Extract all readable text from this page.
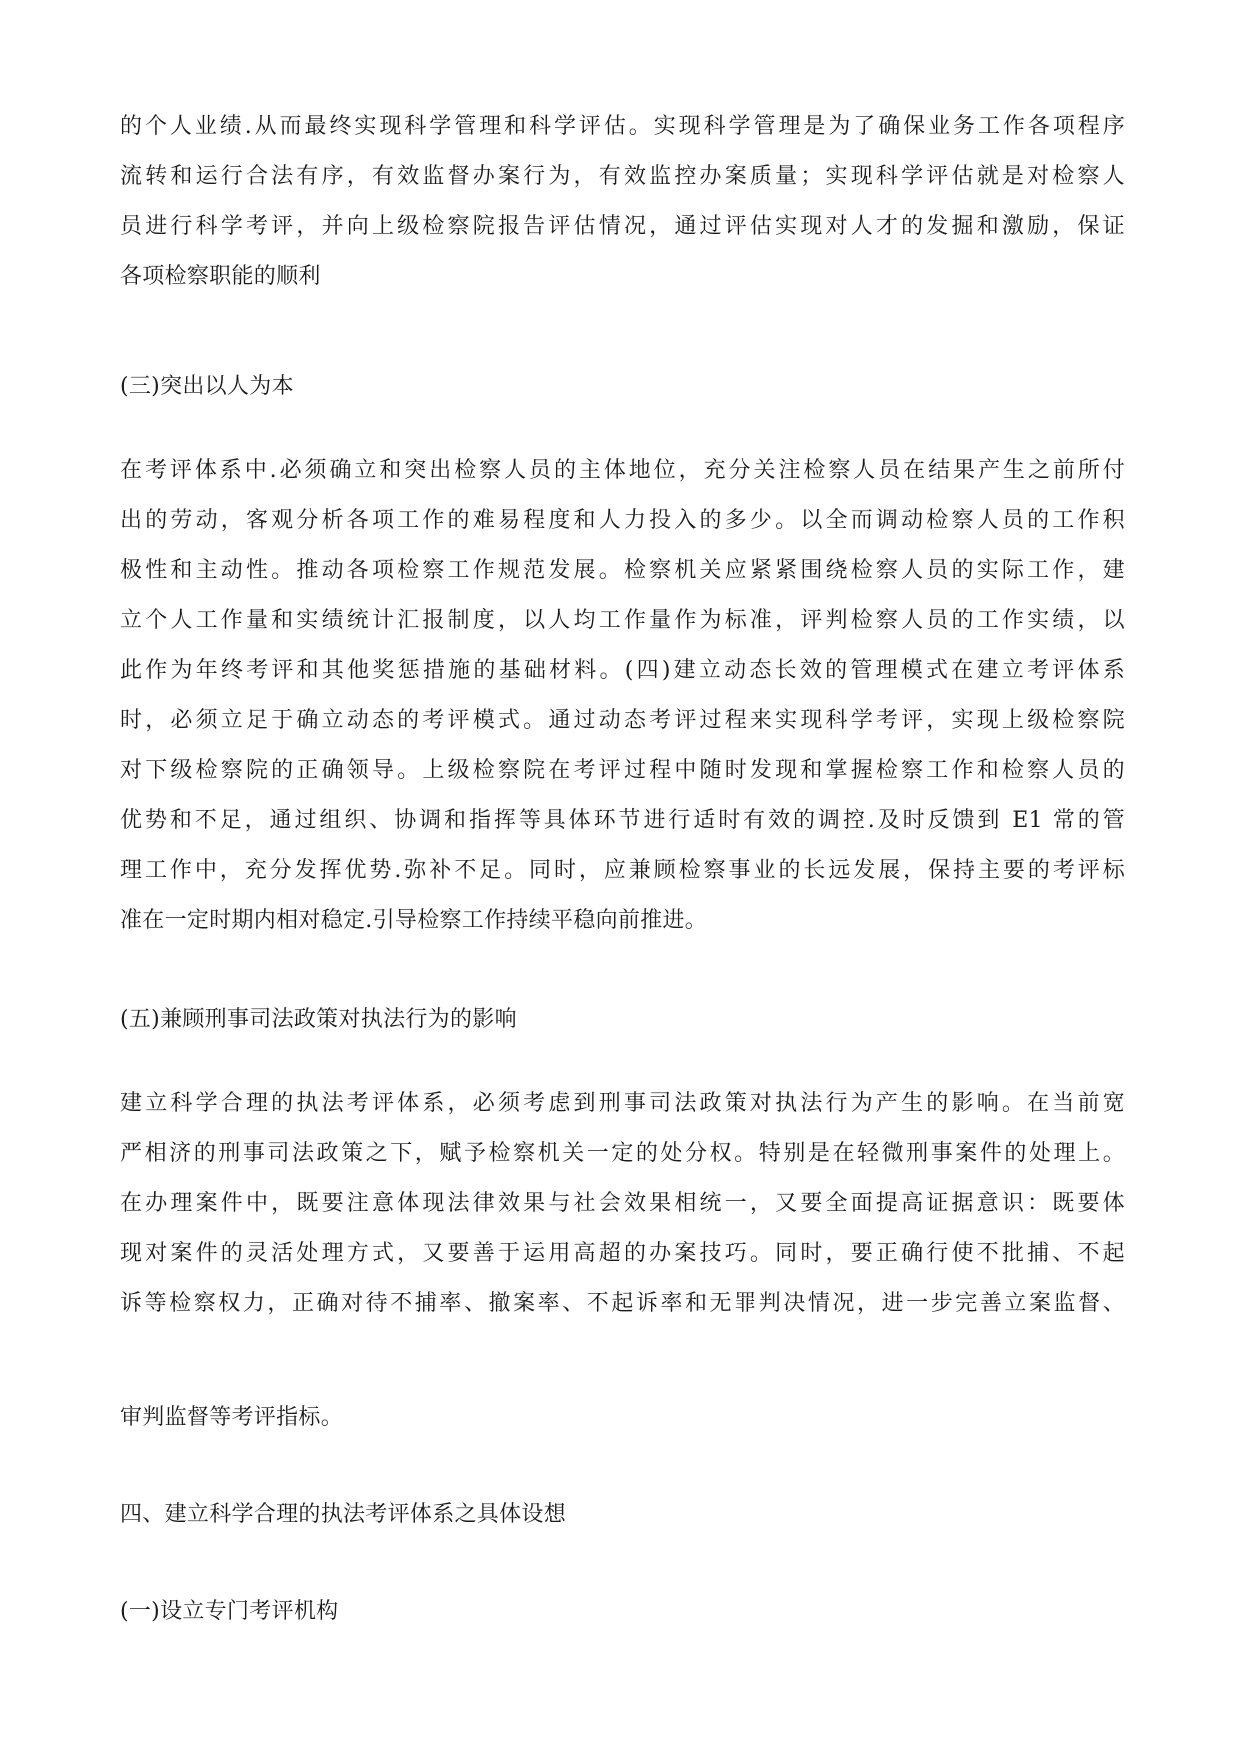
的个人业绩.从而最终实现科学管理和科学评估。实现科学管理是为了确保业务工作各项程序
流转和运行合法有序，有效监督办案行为，有效监控办案质量；实现科学评估就是对检察人
员进行科学考评，并向上级检察院报告评估情况，通过评估实现对人才的发掘和激励，保证
各项检察职能的顺利
(三)突出以人为本
在考评体系中.必须确立和突出检察人员的主体地位，充分关注检察人员在结果产生之前所付
出的劳动，客观分析各项工作的难易程度和人力投入的多少。以全而调动检察人员的工作积
极性和主动性。推动各项检察工作规范发展。检察机关应紧紧围绕检察人员的实际工作，建
立个人工作量和实绩统计汇报制度，以人均工作量作为标准，评判检察人员的工作实绩，以
此作为年终考评和其他奖惩措施的基础材料。(四)建立动态长效的管理模式在建立考评体系
时，必须立足于确立动态的考评模式。通过动态考评过程来实现科学考评，实现上级检察院
对下级检察院的正确领导。上级检察院在考评过程中随时发现和掌握检察工作和检察人员的
优势和不足，通过组织、协调和指挥等具体环节进行适时有效的调控.及时反馈到 E1 常的管
理工作中，充分发挥优势.弥补不足。同时，应兼顾检察事业的长远发展，保持主要的考评标
准在一定时期内相对稳定.引导检察工作持续平稳向前推进。
(五)兼顾刑事司法政策对执法行为的影响
建立科学合理的执法考评体系，必须考虑到刑事司法政策对执法行为产生的影响。在当前宽
严相济的刑事司法政策之下，赋予检察机关一定的处分权。特别是在轻微刑事案件的处理上。
在办理案件中，既要注意体现法律效果与社会效果相统一，又要全面提高证据意识：既要体
现对案件的灵活处理方式，又要善于运用高超的办案技巧。同时，要正确行使不批捕、不起
诉等检察权力，正确对待不捕率、撤案率、不起诉率和无罪判决情况，进一步完善立案监督、
审判监督等考评指标。
四、建立科学合理的执法考评体系之具体设想
(一)设立专门考评机构
